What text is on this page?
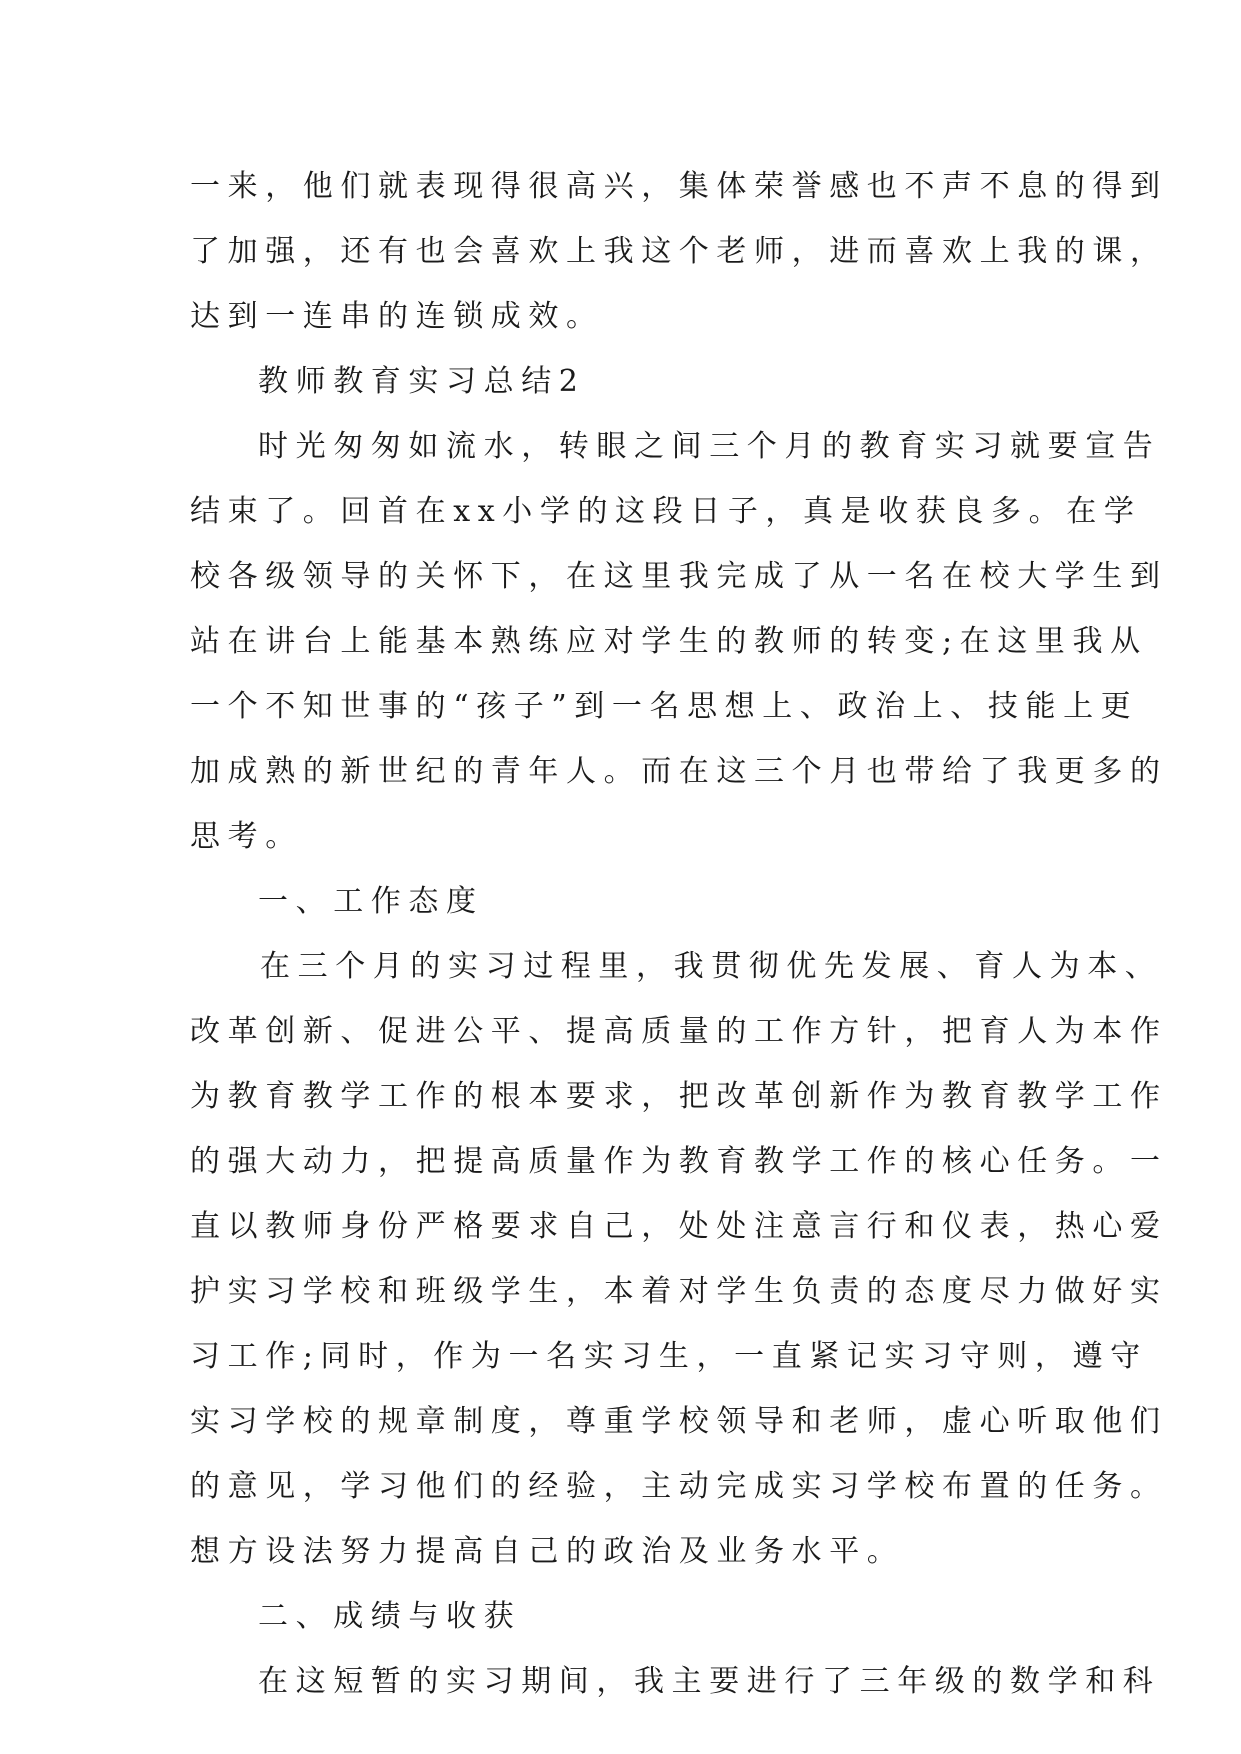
一来，他们就表现得很高兴，集体荣誉感也不声不息的得到
了加强，还有也会喜欢上我这个老师，进而喜欢上我的课，
达到一连串的连锁成效。
教师教育实习总结2
时光匆匆如流水，转眼之间三个月的教育实习就要宣告
结束了。回首在xx小学的这段日子，真是收获良多。在学
校各级领导的关怀下，在这里我完成了从一名在校大学生到
站在讲台上能基本熟练应对学生的教师的转变;在这里我从
一个不知世事的“孩子”到一名思想上、政治上、技能上更
加成熟的新世纪的青年人。而在这三个月也带给了我更多的
思考。
一、工作态度
在三个月的实习过程里，我贯彻优先发展、育人为本、
改革创新、促进公平、提高质量的工作方针，把育人为本作
为教育教学工作的根本要求，把改革创新作为教育教学工作
的强大动力，把提高质量作为教育教学工作的核心任务。一
直以教师身份严格要求自己，处处注意言行和仪表，热心爱
护实习学校和班级学生，本着对学生负责的态度尽力做好实
习工作;同时，作为一名实习生，一直紧记实习守则，遵守
实习学校的规章制度，尊重学校领导和老师，虚心听取他们
的意见，学习他们的经验，主动完成实习学校布置的任务。
想方设法努力提高自己的政治及业务水平。
二、成绩与收获
在这短暂的实习期间，我主要进行了三年级的数学和科
